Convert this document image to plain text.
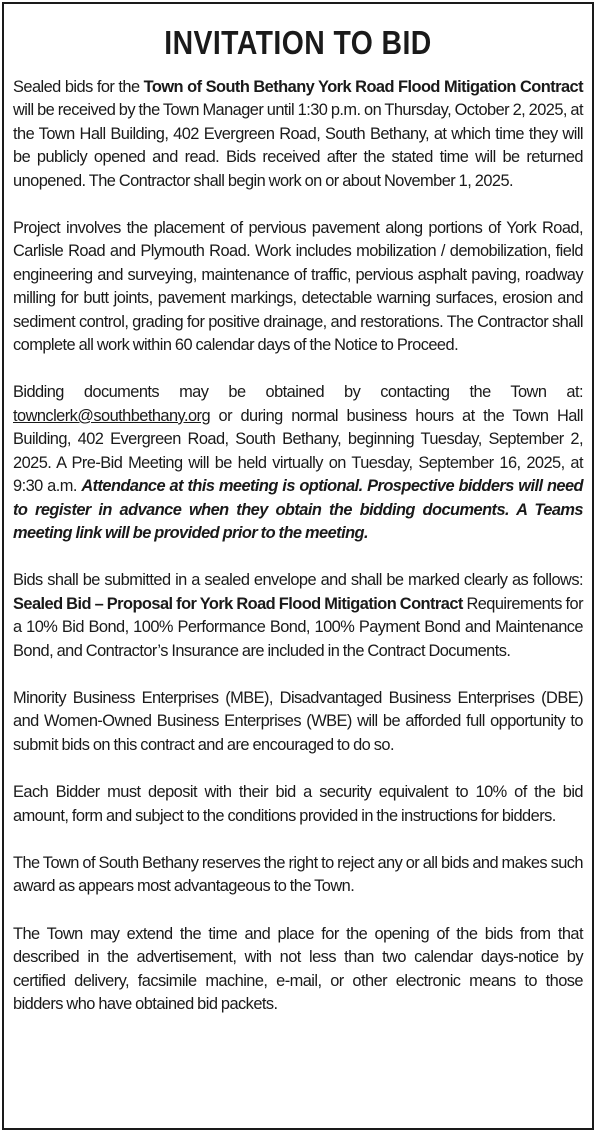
INVITATION TO BID

Sealed bids for the Town of South Bethany York Road Flood Mitigation Contract will be received by the Town Manager until 1:30 p.m. on Thursday, October 2, 2025, at the Town Hall Building, 402 Evergreen Road, South Bethany, at which time they will be publicly opened and read. Bids received after the stated time will be returned unopened. The Contractor shall begin work on or about November 1, 2025.

Project involves the placement of pervious pavement along portions of York Road, Carlisle Road and Plymouth Road. Work includes mobilization / demobilization, field engineering and surveying, maintenance of traffic, pervious asphalt paving, roadway milling for butt joints, pavement markings, detectable warning surfaces, erosion and sediment control, grading for positive drainage, and restorations. The Contractor shall complete all work within 60 calendar days of the Notice to Proceed.

Bidding documents may be obtained by contacting the Town at: townclerk@southbethany.org or during normal business hours at the Town Hall Building, 402 Evergreen Road, South Bethany, beginning Tuesday, September 2, 2025. A Pre-Bid Meeting will be held virtually on Tuesday, September 16, 2025, at 9:30 a.m. Attendance at this meeting is optional. Prospective bidders will need to register in advance when they obtain the bidding documents. A Teams meeting link will be provided prior to the meeting.

Bids shall be submitted in a sealed envelope and shall be marked clearly as follows: Sealed Bid – Proposal for York Road Flood Mitigation Contract Requirements for a 10% Bid Bond, 100% Performance Bond, 100% Payment Bond and Maintenance Bond, and Contractor’s Insurance are included in the Contract Documents.

Minority Business Enterprises (MBE), Disadvantaged Business Enterprises (DBE) and Women-Owned Business Enterprises (WBE) will be afforded full opportunity to submit bids on this contract and are encouraged to do so.

Each Bidder must deposit with their bid a security equivalent to 10% of the bid amount, form and subject to the conditions provided in the instructions for bidders.

The Town of South Bethany reserves the right to reject any or all bids and makes such award as appears most advantageous to the Town.

The Town may extend the time and place for the opening of the bids from that described in the advertisement, with not less than two calendar days-notice by certified delivery, facsimile machine, e-mail, or other electronic means to those bidders who have obtained bid packets.
